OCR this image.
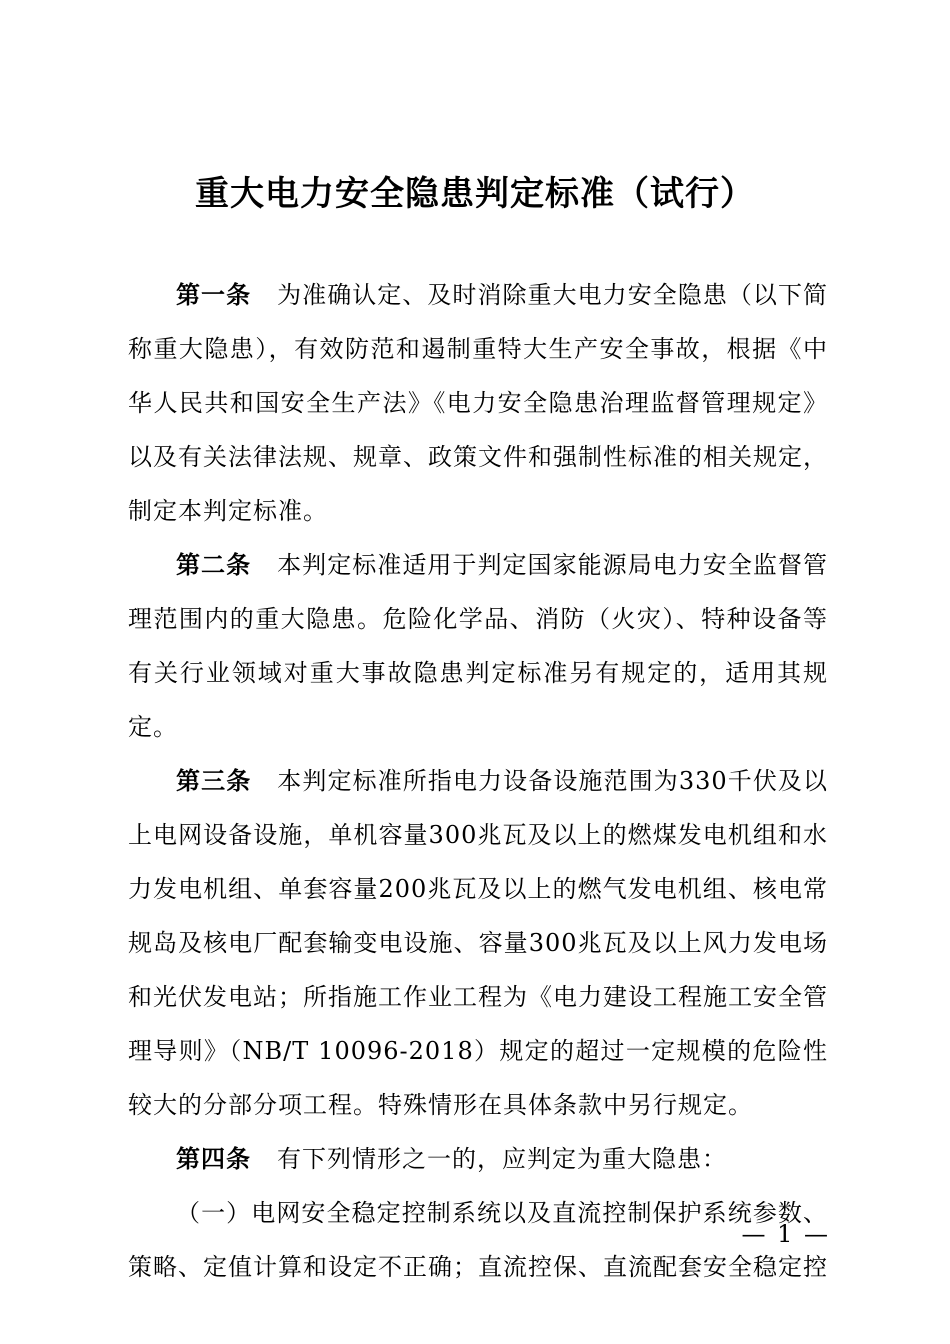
重大电力安全隐患判定标准（试行）

第一条 为准确认定、及时消除重大电力安全隐患（以下简称重大隐患），有效防范和遏制重特大生产安全事故，根据《中华人民共和国安全生产法》《电力安全隐患治理监督管理规定》以及有关法律法规、规章、政策文件和强制性标准的相关规定，制定本判定标准。

第二条 本判定标准适用于判定国家能源局电力安全监督管理范围内的重大隐患。危险化学品、消防（火灾）、特种设备等有关行业领域对重大事故隐患判定标准另有规定的，适用其规定。

第三条 本判定标准所指电力设备设施范围为330千伏及以上电网设备设施，单机容量300兆瓦及以上的燃煤发电机组和水力发电机组、单套容量200兆瓦及以上的燃气发电机组、核电常规岛及核电厂配套输变电设施、容量300兆瓦及以上风力发电场和光伏发电站；所指施工作业工程为《电力建设工程施工安全管理导则》（NB/T 10096-2018）规定的超过一定规模的危险性较大的分部分项工程。特殊情形在具体条款中另行规定。

第四条 有下列情形之一的，应判定为重大隐患：

（一）电网安全稳定控制系统以及直流控制保护系统参数、策略、定值计算和设定不正确；直流控保、直流配套安全稳定控

— 1 —
